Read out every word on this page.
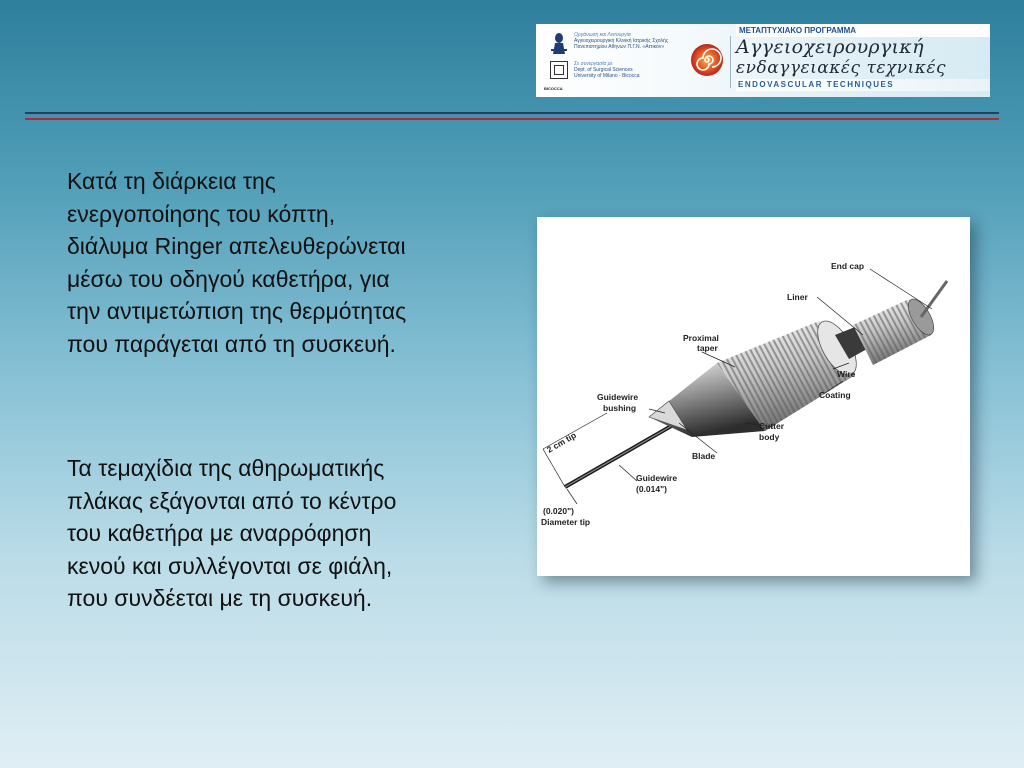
Οργάνωση και Λειτουργία
Αγγειοχειρουργική Κλινική Ιατρικής Σχολής
Πανεπιστημίου Αθηνών Π.Γ.Ν. «Αττικόν»
Σε συνεργασία με
Dept. of Surgical Sciences
University of Milano - Bicocca
BICOCCA
ΜΕΤΑΠΤΥΧΙΑΚΟ ΠΡΟΓΡΑΜΜΑ
Αγγειοχειρουργική
ενδαγγειακές τεχνικές
ENDOVASCULAR TECHNIQUES

Κατά τη διάρκεια της
ενεργοποίησης του κόπτη,
διάλυμα Ringer απελευθερώνεται
μέσω του οδηγού καθετήρα, για
την αντιμετώπιση της θερμότητας
που παράγεται από τη συσκευή.

Τα τεμαχίδια της αθηρωματικής
πλάκας εξάγονται από το κέντρο
του καθετήρα με αναρρόφηση
κενού και συλλέγονται σε φιάλη,
που συνδέεται με τη συσκευή.

End cap
Liner
Proximal
taper
Wire
Coating
Guidewire
bushing
Cutter
body
Blade
2 cm tip
Guidewire
(0.014")
(0.020")
Diameter tip
